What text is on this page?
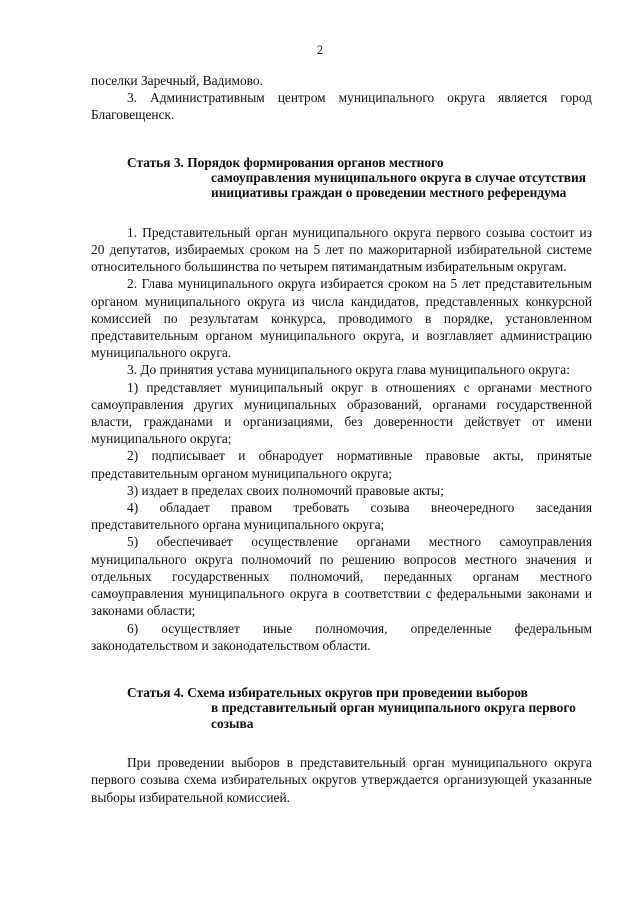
2

поселки Заречный, Вадимово.

3. Административным центром муниципального округа является город Благовещенск.

Статья 3. Порядок формирования органов местного
самоуправления муниципального округа в случае отсутствия инициативы граждан о проведении местного референдума

1. Представительный орган муниципального округа первого созыва состоит из 20 депутатов, избираемых сроком на 5 лет по мажоритарной избирательной системе относительного большинства по четырем пятимандатным избирательным округам.

2. Глава муниципального округа избирается сроком на 5 лет представительным органом муниципального округа из числа кандидатов, представленных конкурсной комиссией по результатам конкурса, проводимого в порядке, установленном представительным органом муниципального округа, и возглавляет администрацию муниципального округа.

3. До принятия устава муниципального округа глава муниципального округа:

1) представляет муниципальный округ в отношениях с органами местного самоуправления других муниципальных образований, органами государственной власти, гражданами и организациями, без доверенности действует от имени муниципального округа;

2) подписывает и обнародует нормативные правовые акты, принятые представительным органом муниципального округа;

3) издает в пределах своих полномочий правовые акты;

4) обладает правом требовать созыва внеочередного заседания представительного органа муниципального округа;

5) обеспечивает осуществление органами местного самоуправления муниципального округа полномочий по решению вопросов местного значения и отдельных государственных полномочий, переданных органам местного самоуправления муниципального округа в соответствии с федеральными законами и законами области;

6) осуществляет иные полномочия, определенные федеральным законодательством и законодательством области.

Статья 4. Схема избирательных округов при проведении выборов
в представительный орган муниципального округа первого созыва

При проведении выборов в представительный орган муниципального округа первого созыва схема избирательных округов утверждается организующей указанные выборы избирательной комиссией.
